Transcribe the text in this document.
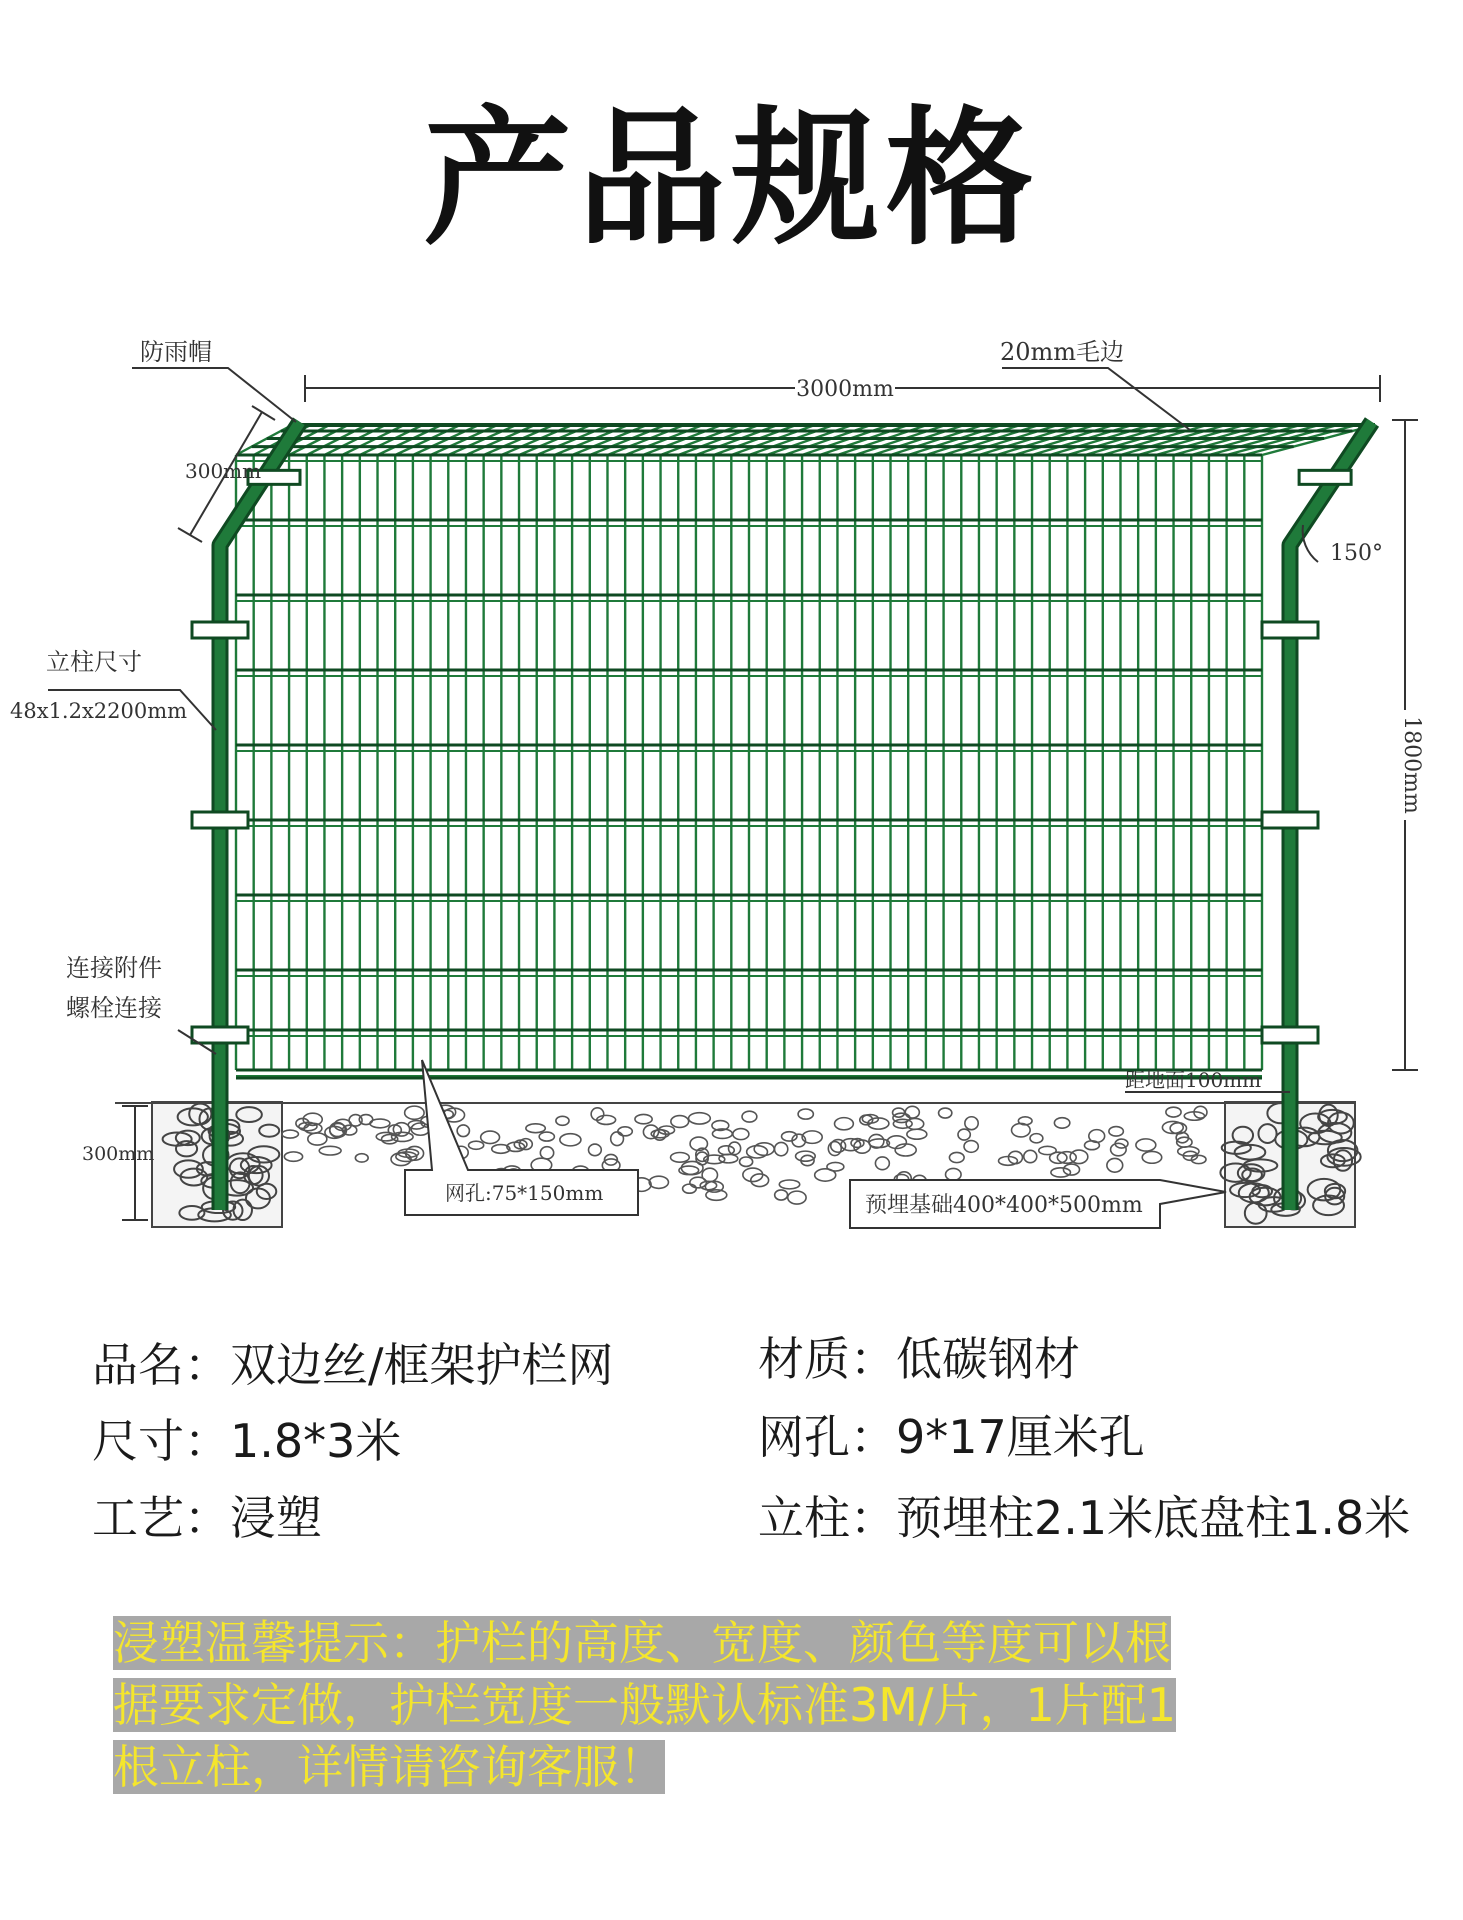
产品规格
防雨帽	20mm毛边
3000mm
300mm
150°
1800mm
立柱尺寸
48x1.2x2200mm
连接附件
螺栓连接
距地面100mm
300mm
网孔:75*150mm	预埋基础400*400*500mm
品名：双边丝/框架护栏网
尺寸：1.8*3米
工艺：浸塑
材质：低碳钢材
网孔：9*17厘米孔
立柱：预埋柱2.1米底盘柱1.8米
浸塑温馨提示：护栏的高度、宽度、颜色等度可以根
据要求定做，护栏宽度一般默认标准3M/片，1片配1
根立柱，详情请咨询客服！
